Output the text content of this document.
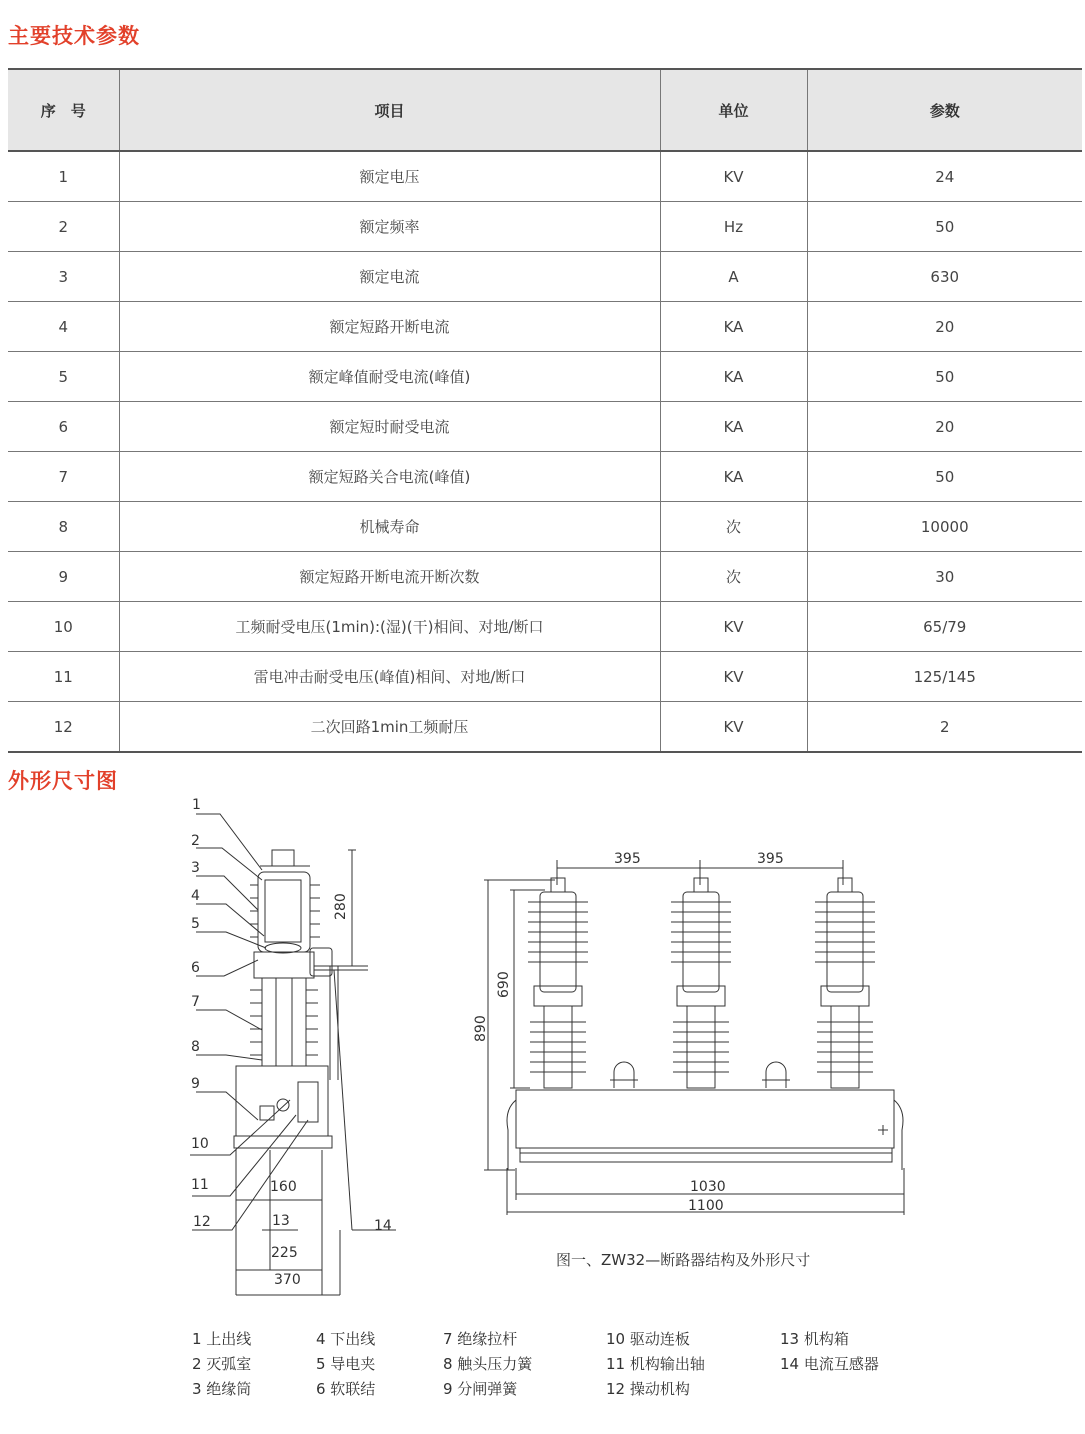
主要技术参数
序　号	项目	单位	参数
1	额定电压	KV	24
2	额定频率	Hz	50
3	额定电流	A	630
4	额定短路开断电流	KA	20
5	额定峰值耐受电流(峰值)	KA	50
6	额定短时耐受电流	KA	20
7	额定短路关合电流(峰值)	KA	50
8	机械寿命	次	10000
9	额定短路开断电流开断次数	次	30
10	工频耐受电压(1min):(湿)(干)相间、对地/断口	KV	65/79
11	雷电冲击耐受电压(峰值)相间、对地/断口	KV	125/145
12	二次回路1min工频耐压	KV	2
外形尺寸图
1
2
3
4
5
6
7
8
9
10
11
12
280
160
13	14
225
370
395	395
690
890
1030
1100
图一、ZW32—断路器结构及外形尺寸
1 上出线
2 灭弧室
3 绝缘筒
4 下出线
5 导电夹
6 软联结
7 绝缘拉杆
8 触头压力簧
9 分闸弹簧
10 驱动连板
11 机构输出轴
12 操动机构
13 机构箱
14 电流互感器
